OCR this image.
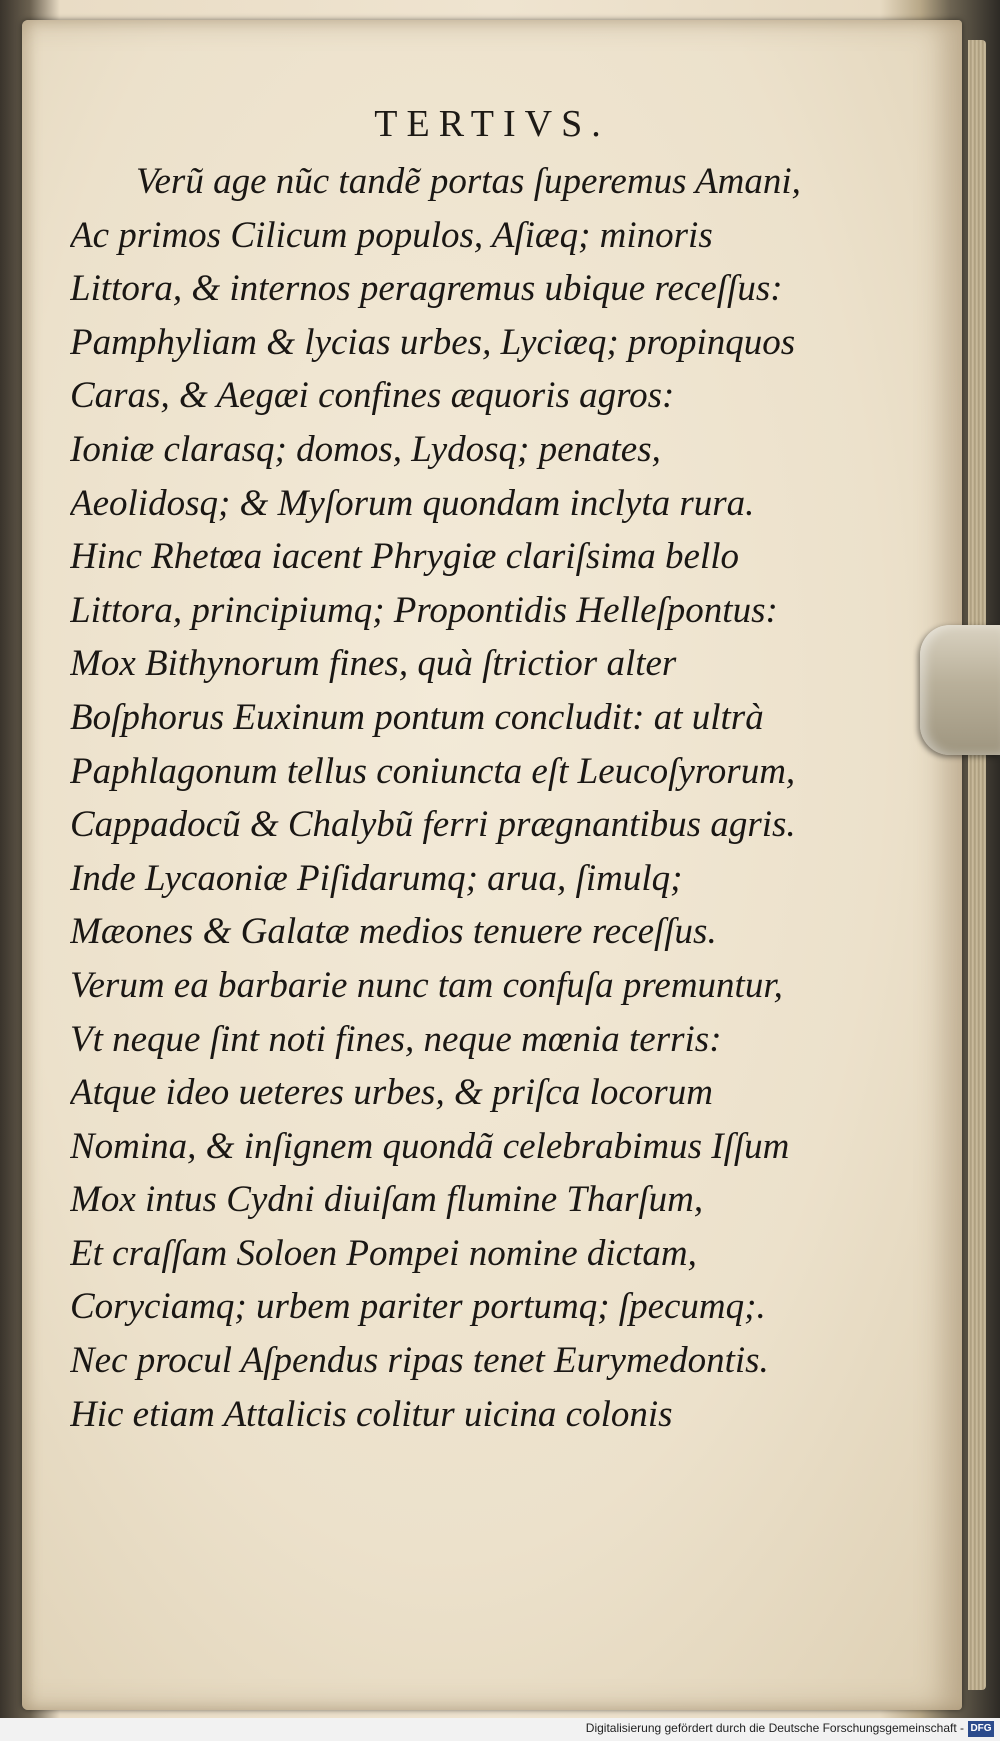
TERTIVS.
Verũ age nũc tandẽ portas ſuperemus Amani,
Ac primos Cilicum populos, Aſiæq; minoris
Littora, & internos peragremus ubique receſſus:
Pamphyliam & lycias urbes, Lyciæq; propinquos
Caras, & Aegæi confines æquoris agros:
Ioniæ clarasq; domos, Lydosq; penates,
Aeolidosq; & Myſorum quondam inclyta rura.
Hinc Rhetœa iacent Phrygiæ clariſsima bello
Littora, principiumq; Propontidis Helleſpontus:
Mox Bithynorum fines, quà ſtrictior alter
Boſphorus Euxinum pontum concludit: at ultrà
Paphlagonum tellus coniuncta eſt Leucoſyrorum,
Cappadocũ & Chalybũ ferri prægnantibus agris.
Inde Lycaoniæ Piſidarumq; arua, ſimulq;
Mæones & Galatæ medios tenuere receſſus.
Verum ea barbarie nunc tam confuſa premuntur,
Vt neque ſint noti fines, neque mœnia terris:
Atque ideo ueteres urbes, & priſca locorum
Nomina, & inſignem quondã celebrabimus Iſſum
Mox intus Cydni diuiſam flumine Tharſum,
Et craſſam Soloen Pompei nomine dictam,
Coryciamq; urbem pariter portumq; ſpecumq;.
Nec procul Aſpendus ripas tenet Eurymedontis.
Hic etiam Attalicis colitur uicina colonis
Digitalisierung gefördert durch die Deutsche Forschungsgemeinschaft - DFG
